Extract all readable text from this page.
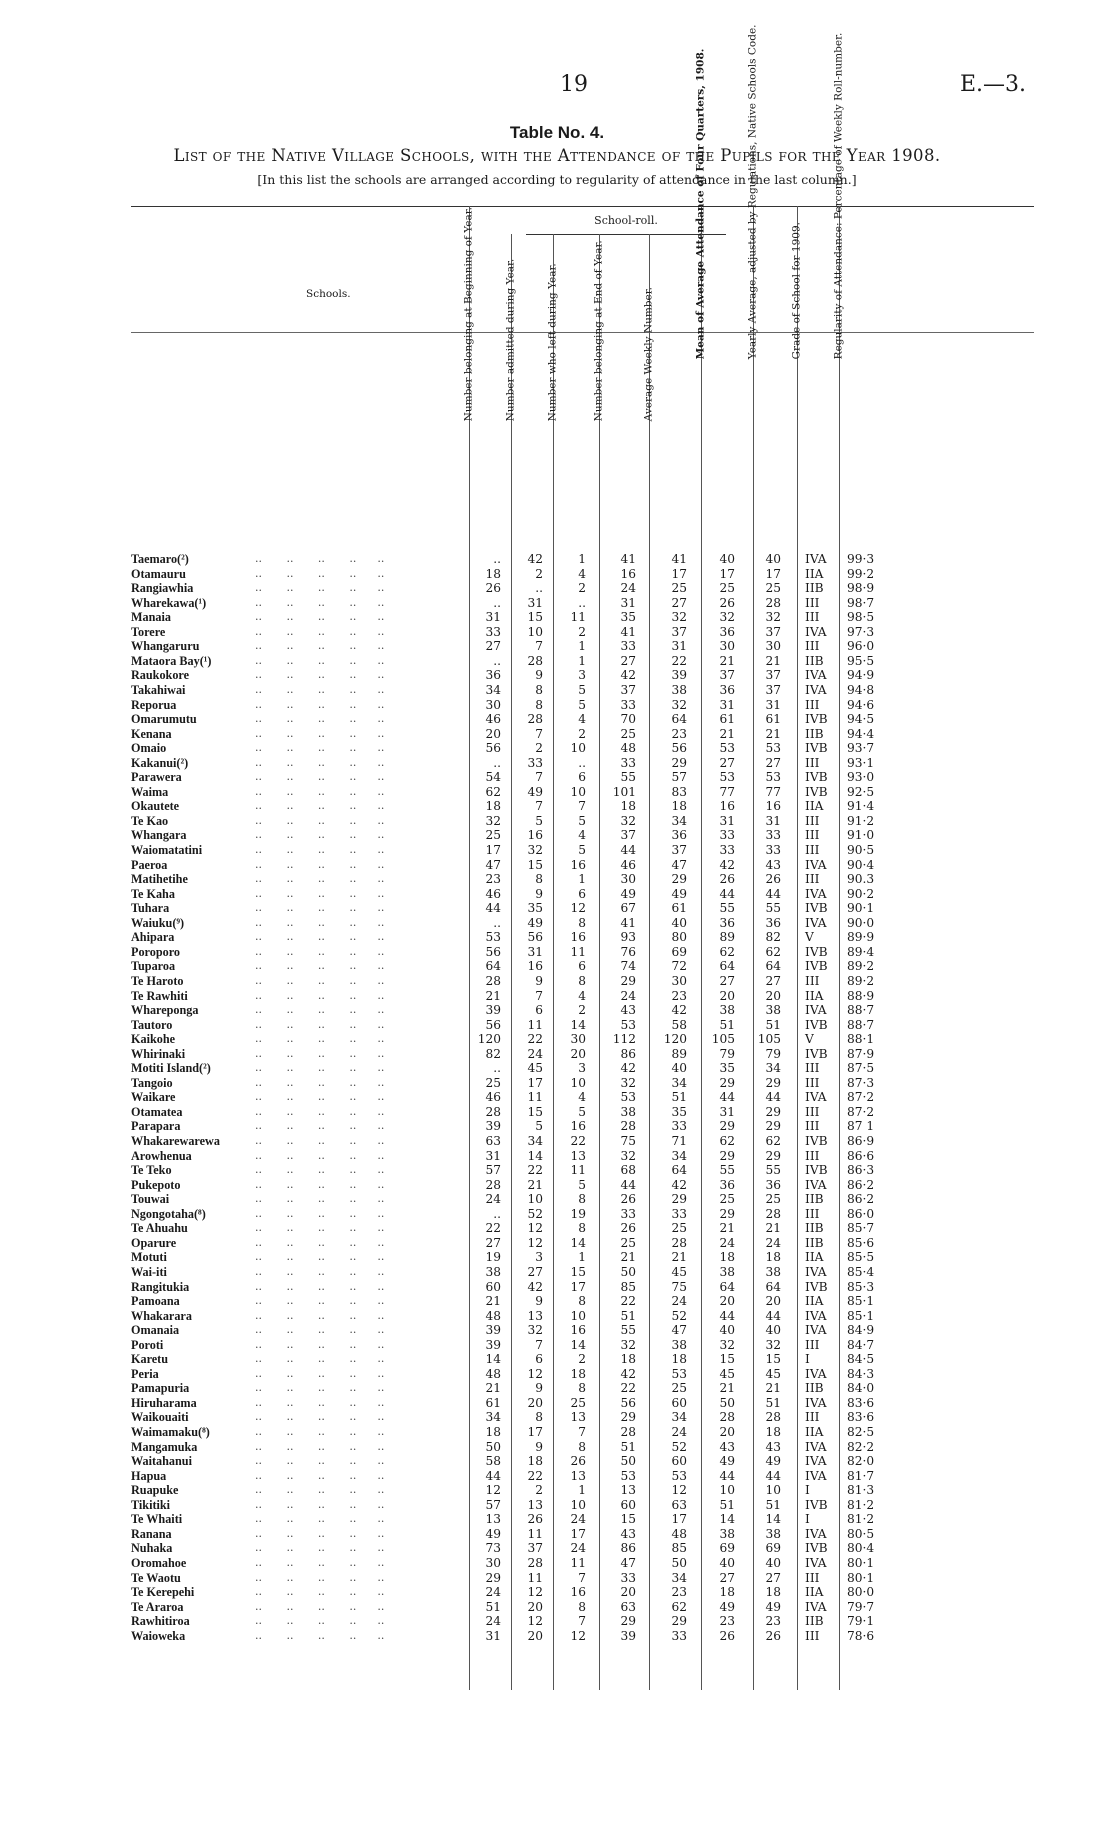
19	E.—3.
Table No. 4.
List of the Native Village Schools, with the Attendance of the Pupils for the Year 1908.
[In this list the schools are arranged according to regularity of attendance in the last column.]
Schools.
School-roll.
Number belonging at Beginning of Year.	Number admitted during Year.	Number who left during Year.	Number belonging at End of Year.	Average Weekly Number.	Mean of Average Attendance of Four Quarters, 1908.	Yearly Average, adjusted by Regulations, Native Schools Code.	Grade of School for 1909.	Regularity of Attendance: Percentage of Weekly Roll-number.
Taemaro(²)	..       ..       ..       ..      ..	..	42	1	41	41	40	40 IVA	99·3
Otamauru	..       ..       ..       ..      ..	18	2	4	16	17	17	17 IIA	99·2
Rangiawhia	..       ..       ..       ..      ..	26	..	2	24	25	25	25 IIB	98·9
Wharekawa(¹)	..       ..       ..       ..      ..	..	31	..	31	27	26	28 III	98·7
Manaia	..       ..       ..       ..      ..	31	15	11	35	32	32	32 III	98·5
Torere	..       ..       ..       ..      ..	33	10	2	41	37	36	37 IVA	97·3
Whangaruru	..       ..       ..       ..      ..	27	7	1	33	31	30	30 III	96·0
Mataora Bay(¹)	..       ..       ..       ..      ..	..	28	1	27	22	21	21 IIB	95·5
Raukokore	..       ..       ..       ..      ..	36	9	3	42	39	37	37 IVA	94·9
Takahiwai	..       ..       ..       ..      ..	34	8	5	37	38	36	37 IVA	94·8
Reporua	..       ..       ..       ..      ..	30	8	5	33	32	31	31 III	94·6
Omarumutu	..       ..       ..       ..      ..	46	28	4	70	64	61	61 IVB	94·5
Kenana	..       ..       ..       ..      ..	20	7	2	25	23	21	21 IIB	94·4
Omaio	..       ..       ..       ..      ..	56	2	10	48	56	53	53 IVB	93·7
Kakanui(²)	..       ..       ..       ..      ..	..	33	..	33	29	27	27 III	93·1
Parawera	..       ..       ..       ..      ..	54	7	6	55	57	53	53 IVB	93·0
Waima	..       ..       ..       ..      ..	62	49	10	101	83	77	77 IVB	92·5
Okautete	..       ..       ..       ..      ..	18	7	7	18	18	16	16 IIA	91·4
Te Kao	..       ..       ..       ..      ..	32	5	5	32	34	31	31 III	91·2
Whangara	..       ..       ..       ..      ..	25	16	4	37	36	33	33 III	91·0
Waiomatatini	..       ..       ..       ..      ..	17	32	5	44	37	33	33 III	90·5
Paeroa	..       ..       ..       ..      ..	47	15	16	46	47	42	43 IVA	90·4
Matihetihe	..       ..       ..       ..      ..	23	8	1	30	29	26	26 III	90.3
Te Kaha	..       ..       ..       ..      ..	46	9	6	49	49	44	44 IVA	90·2
Tuhara	..       ..       ..       ..      ..	44	35	12	67	61	55	55 IVB	90·1
Waiuku(⁹)	..       ..       ..       ..      ..	..	49	8	41	40	36	36 IVA	90·0
Ahipara	..       ..       ..       ..      ..	53	56	16	93	80	89	82 V	89·9
Poroporo	..       ..       ..       ..      ..	56	31	11	76	69	62	62 IVB	89·4
Tuparoa	..       ..       ..       ..      ..	64	16	6	74	72	64	64 IVB	89·2
Te Haroto	..       ..       ..       ..      ..	28	9	8	29	30	27	27 III	89·2
Te Rawhiti	..       ..       ..       ..      ..	21	7	4	24	23	20	20 IIA	88·9
Whareponga	..       ..       ..       ..      ..	39	6	2	43	42	38	38 IVA	88·7
Tautoro	..       ..       ..       ..      ..	56	11	14	53	58	51	51 IVB	88·7
Kaikohe	..       ..       ..       ..      ..	120	22	30	112	120	105	105 V	88·1
Whirinaki	..       ..       ..       ..      ..	82	24	20	86	89	79	79 IVB	87·9
Motiti Island(²)	..       ..       ..       ..      ..	..	45	3	42	40	35	34 III	87·5
Tangoio	..       ..       ..       ..      ..	25	17	10	32	34	29	29 III	87·3
Waikare	..       ..       ..       ..      ..	46	11	4	53	51	44	44 IVA	87·2
Otamatea	..       ..       ..       ..      ..	28	15	5	38	35	31	29 III	87·2
Parapara	..       ..       ..       ..      ..	39	5	16	28	33	29	29 III	87 1
Whakarewarewa	..       ..       ..       ..      ..	63	34	22	75	71	62	62 IVB	86·9
Arowhenua	..       ..       ..       ..      ..	31	14	13	32	34	29	29 III	86·6
Te Teko	..       ..       ..       ..      ..	57	22	11	68	64	55	55 IVB	86·3
Pukepoto	..       ..       ..       ..      ..	28	21	5	44	42	36	36 IVA	86·2
Touwai	..       ..       ..       ..      ..	24	10	8	26	29	25	25 IIB	86·2
Ngongotaha(⁸)	..       ..       ..       ..      ..	..	52	19	33	33	29	28 III	86·0
Te Ahuahu	..       ..       ..       ..      ..	22	12	8	26	25	21	21 IIB	85·7
Oparure	..       ..       ..       ..      ..	27	12	14	25	28	24	24 IIB	85·6
Motuti	..       ..       ..       ..      ..	19	3	1	21	21	18	18 IIA	85·5
Wai-iti	..       ..       ..       ..      ..	38	27	15	50	45	38	38 IVA	85·4
Rangitukia	..       ..       ..       ..      ..	60	42	17	85	75	64	64 IVB	85·3
Pamoana	..       ..       ..       ..      ..	21	9	8	22	24	20	20 IIA	85·1
Whakarara	..       ..       ..       ..      ..	48	13	10	51	52	44	44 IVA	85·1
Omanaia	..       ..       ..       ..      ..	39	32	16	55	47	40	40 IVA	84·9
Poroti	..       ..       ..       ..      ..	39	7	14	32	38	32	32 III	84·7
Karetu	..       ..       ..       ..      ..	14	6	2	18	18	15	15 I	84·5
Peria	..       ..       ..       ..      ..	48	12	18	42	53	45	45 IVA	84·3
Pamapuria	..       ..       ..       ..      ..	21	9	8	22	25	21	21 IIB	84·0
Hiruharama	..       ..       ..       ..      ..	61	20	25	56	60	50	51 IVA	83·6
Waikouaiti	..       ..       ..       ..      ..	34	8	13	29	34	28	28 III	83·6
Waimamaku(⁸)	..       ..       ..       ..      ..	18	17	7	28	24	20	18 IIA	82·5
Mangamuka	..       ..       ..       ..      ..	50	9	8	51	52	43	43 IVA	82·2
Waitahanui	..       ..       ..       ..      ..	58	18	26	50	60	49	49 IVA	82·0
Hapua	..       ..       ..       ..      ..	44	22	13	53	53	44	44 IVA	81·7
Ruapuke	..       ..       ..       ..      ..	12	2	1	13	12	10	10 I	81·3
Tikitiki	..       ..       ..       ..      ..	57	13	10	60	63	51	51 IVB	81·2
Te Whaiti	..       ..       ..       ..      ..	13	26	24	15	17	14	14 I	81·2
Ranana	..       ..       ..       ..      ..	49	11	17	43	48	38	38 IVA	80·5
Nuhaka	..       ..       ..       ..      ..	73	37	24	86	85	69	69 IVB	80·4
Oromahoe	..       ..       ..       ..      ..	30	28	11	47	50	40	40 IVA	80·1
Te Waotu	..       ..       ..       ..      ..	29	11	7	33	34	27	27 III	80·1
Te Kerepehi	..       ..       ..       ..      ..	24	12	16	20	23	18	18 IIA	80·0
Te Araroa	..       ..       ..       ..      ..	51	20	8	63	62	49	49 IVA	79·7
Rawhitiroa	..       ..       ..       ..      ..	24	12	7	29	29	23	23 IIB	79·1
Waioweka	..       ..       ..       ..      ..	31	20	12	39	33	26	26 III	78·6
